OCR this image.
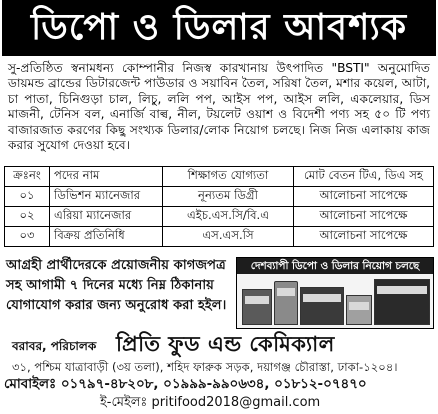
ডিপো ও ডিলার আবশ্যক

সু-প্রতিষ্ঠিত স্বনামধন্য কোম্পানীর নিজস্ব কারখানায় উৎপাদিত "BSTI" অনুমোদিত ডায়মন্ড ব্রান্ডের ডিটারজেন্ট পাউডার ও সয়াবিন তৈল, সরিষা তৈল, মশার কয়েল, আটা, চা পাতা, চিনিগুড়া চাল, লিচু, ললি পপ, আইস পপ, আইস ললি, একলেয়ার, ডিস মাজনী, টেনিস বল, এনার্জি বাল্ব, নীল, টয়লেট ওয়াশ ও বিদেশী পণ্য সহ ৫০ টি পণ্য বাজারজাত করণের কিছু সংখ্যক ডিলার/লোক নিয়োগ চলছে। নিজ নিজ এলাকায় কাজ করার সুযোগ দেওয়া হবে।

ক্রঃনং	পদের নাম	শিক্ষাগত যোগ্যতা	মোট বেতন টিএ, ডিএ সহ
০১	ডিভিশন ম্যানেজার	নূন্যতম ডিগ্রী	আলোচনা সাপেক্ষে
০২	এরিয়া ম্যানেজার	এইচ.এস.সি/বি.এ	আলোচনা সাপেক্ষে
০৩	বিক্রয় প্রতিনিধি	এস.এস.সি	আলোচনা সাপেক্ষে

আগ্রহী প্রার্থীদেরকে প্রয়োজনীয় কাগজপত্র

সহ আগামী ৭ দিনের মধ্যে নিম্ন ঠিকানায়

যোগাযোগ করার জন্য অনুরোধ করা হইল।

দেশব্যাপী ডিপো ও ডিলার নিয়োগ চলছে
বরাবর, পরিচালক প্রিতি ফুড এন্ড কেমিক্যাল
৩১, পশ্চিম যাত্রাবাড়ী (৩য় তলা), শহিদ ফারুক সড়ক, দয়াগঞ্জ চৌরাস্তা, ঢাকা-১২০৪।
মোবাইলঃ ০১৭৯৭-৪৮২০৮, ০১৯৯৯-৯৯০৬৩৪, ০১৮১২-০৭৪৭০
ই-মেইলঃ pritifood2018@gmail.com
